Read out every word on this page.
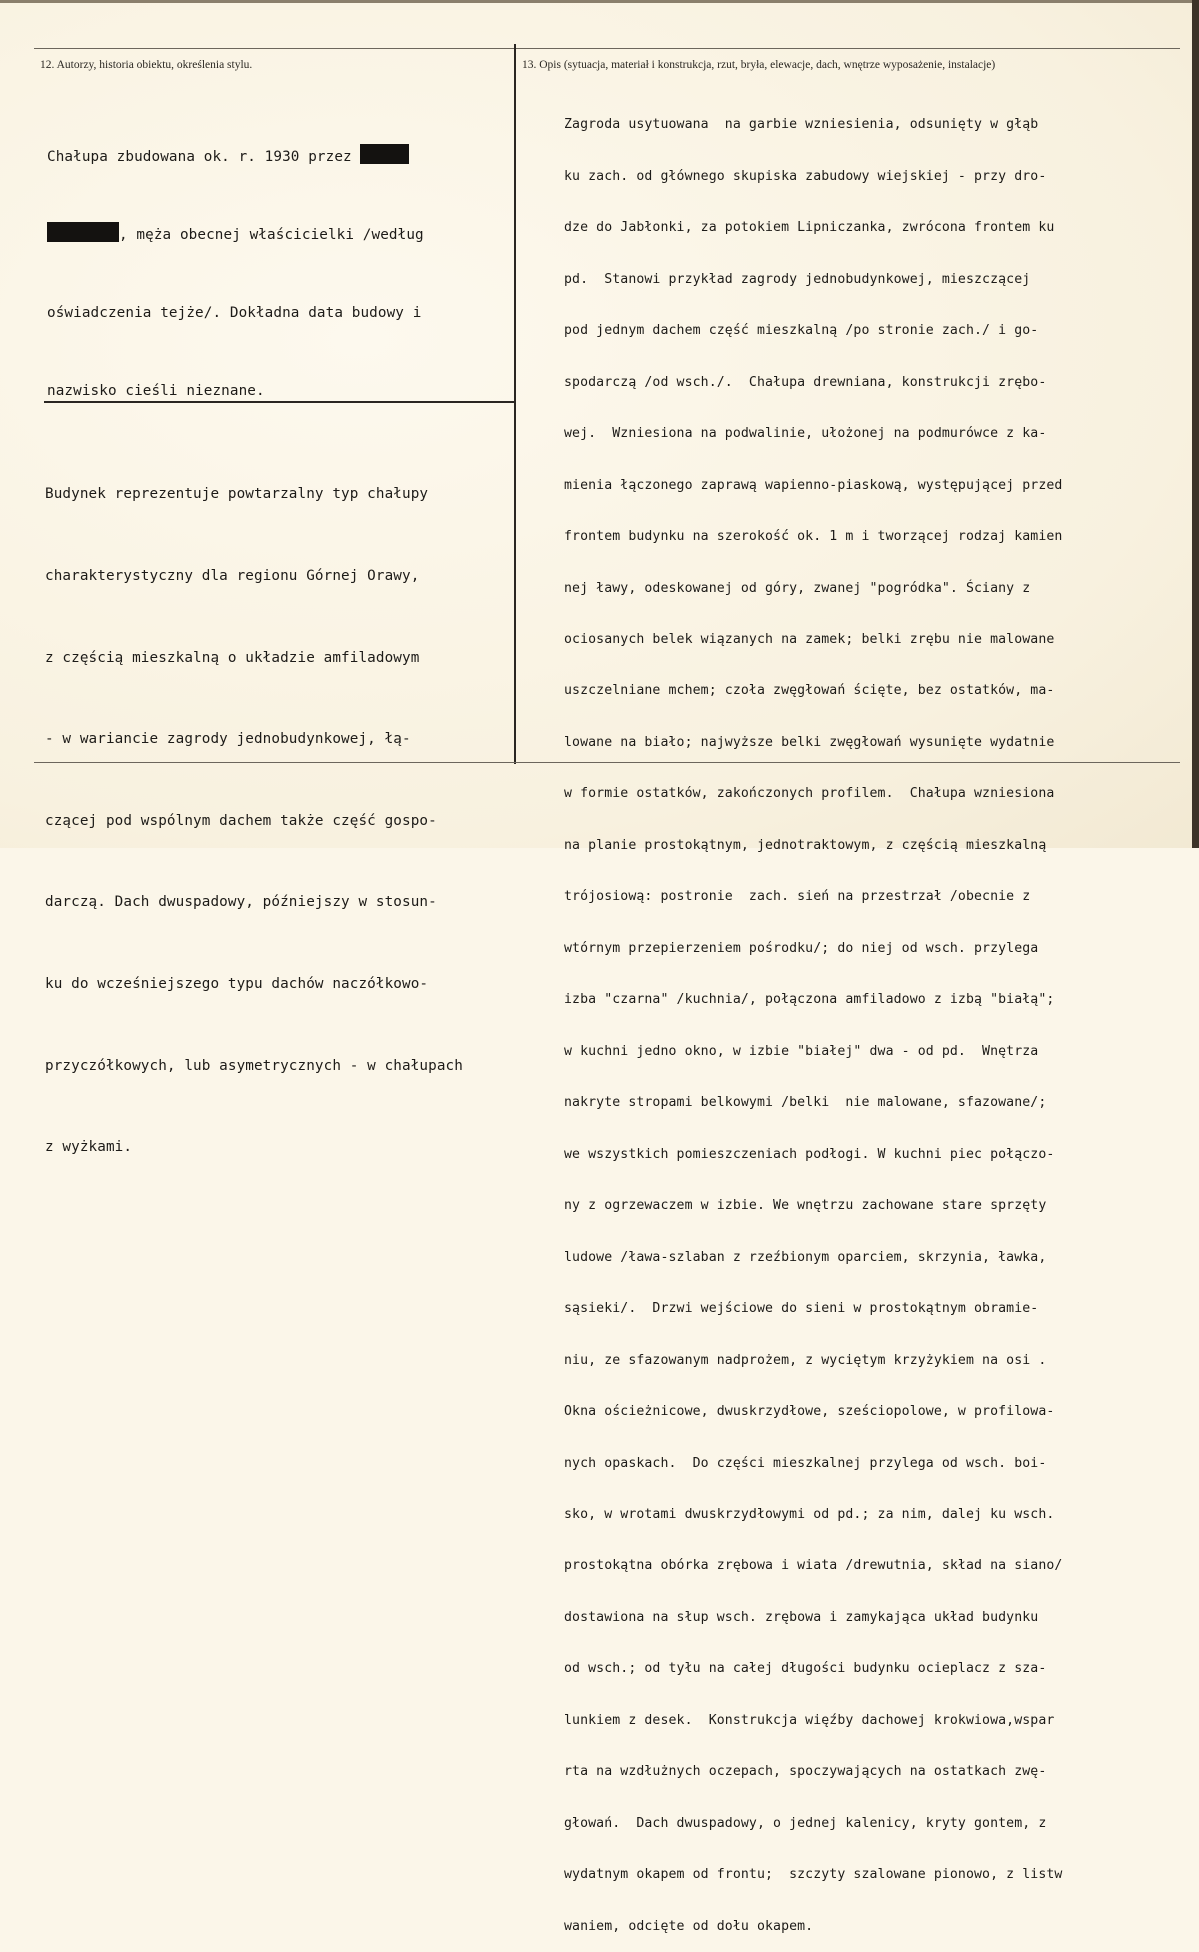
12. Autorzy, historia obiektu, określenia stylu.	13. Opis (sytuacja, materiał i konstrukcja, rzut, bryła, elewacje, dach, wnętrze wyposażenie, instalacje)

Chałupa zbudowana ok. r. 1930 przez

, męża obecnej właścicielki /według

oświadczenia tejże/. Dokładna data budowy i

nazwisko cieśli nieznane.

Budynek reprezentuje powtarzalny typ chałupy

charakterystyczny dla regionu Górnej Orawy,

z częścią mieszkalną o układzie amfiladowym

- w wariancie zagrody jednobudynkowej, łą-

czącej pod wspólnym dachem także część gospo-

darczą. Dach dwuspadowy, późniejszy w stosun-

ku do wcześniejszego typu dachów naczółkowo-

przyczółkowych, lub asymetrycznych - w chałupach

z wyżkami.

Zagroda usytuowana  na garbie wzniesienia, odsunięty w głąb

ku zach. od głównego skupiska zabudowy wiejskiej - przy dro-

dze do Jabłonki, za potokiem Lipniczanka, zwrócona frontem ku

pd.  Stanowi przykład zagrody jednobudynkowej, mieszczącej

pod jednym dachem część mieszkalną /po stronie zach./ i go-

spodarczą /od wsch./.  Chałupa drewniana, konstrukcji zrębo-

wej.  Wzniesiona na podwalinie, ułożonej na podmurówce z ka-

mienia łączonego zaprawą wapienno-piaskową, występującej przed

frontem budynku na szerokość ok. 1 m i tworzącej rodzaj kamien

nej ławy, odeskowanej od góry, zwanej "pogródka". Ściany z

ociosanych belek wiązanych na zamek; belki zrębu nie malowane

uszczelniane mchem; czoła zwęgłowań ścięte, bez ostatków, ma-

lowane na biało; najwyższe belki zwęgłowań wysunięte wydatnie

w formie ostatków, zakończonych profilem.  Chałupa wzniesiona

na planie prostokątnym, jednotraktowym, z częścią mieszkalną

trójosiową: postronie  zach. sień na przestrzał /obecnie z

wtórnym przepierzeniem pośrodku/; do niej od wsch. przylega

izba "czarna" /kuchnia/, połączona amfiladowo z izbą "białą";

w kuchni jedno okno, w izbie "białej" dwa - od pd.  Wnętrza

nakryte stropami belkowymi /belki  nie malowane, sfazowane/;

we wszystkich pomieszczeniach podłogi. W kuchni piec połączo-

ny z ogrzewaczem w izbie. We wnętrzu zachowane stare sprzęty

ludowe /ława-szlaban z rzeźbionym oparciem, skrzynia, ławka,

sąsieki/.  Drzwi wejściowe do sieni w prostokątnym obramie-

niu, ze sfazowanym nadprożem, z wyciętym krzyżykiem na osi .

Okna ościeżnicowe, dwuskrzydłowe, sześciopolowe, w profilowa-

nych opaskach.  Do części mieszkalnej przylega od wsch. boi-

sko, w wrotami dwuskrzydłowymi od pd.; za nim, dalej ku wsch.

prostokątna obórka zrębowa i wiata /drewutnia, skład na siano/

dostawiona na słup wsch. zrębowa i zamykająca układ budynku

od wsch.; od tyłu na całej długości budynku ocieplacz z sza-

lunkiem z desek.  Konstrukcja więźby dachowej krokwiowa,wspar

rta na wzdłużnych oczepach, spoczywających na ostatkach zwę-

głowań.  Dach dwuspadowy, o jednej kalenicy, kryty gontem, z

wydatnym okapem od frontu;  szczyty szalowane pionowo, z listw

waniem, odcięte od dołu okapem.
